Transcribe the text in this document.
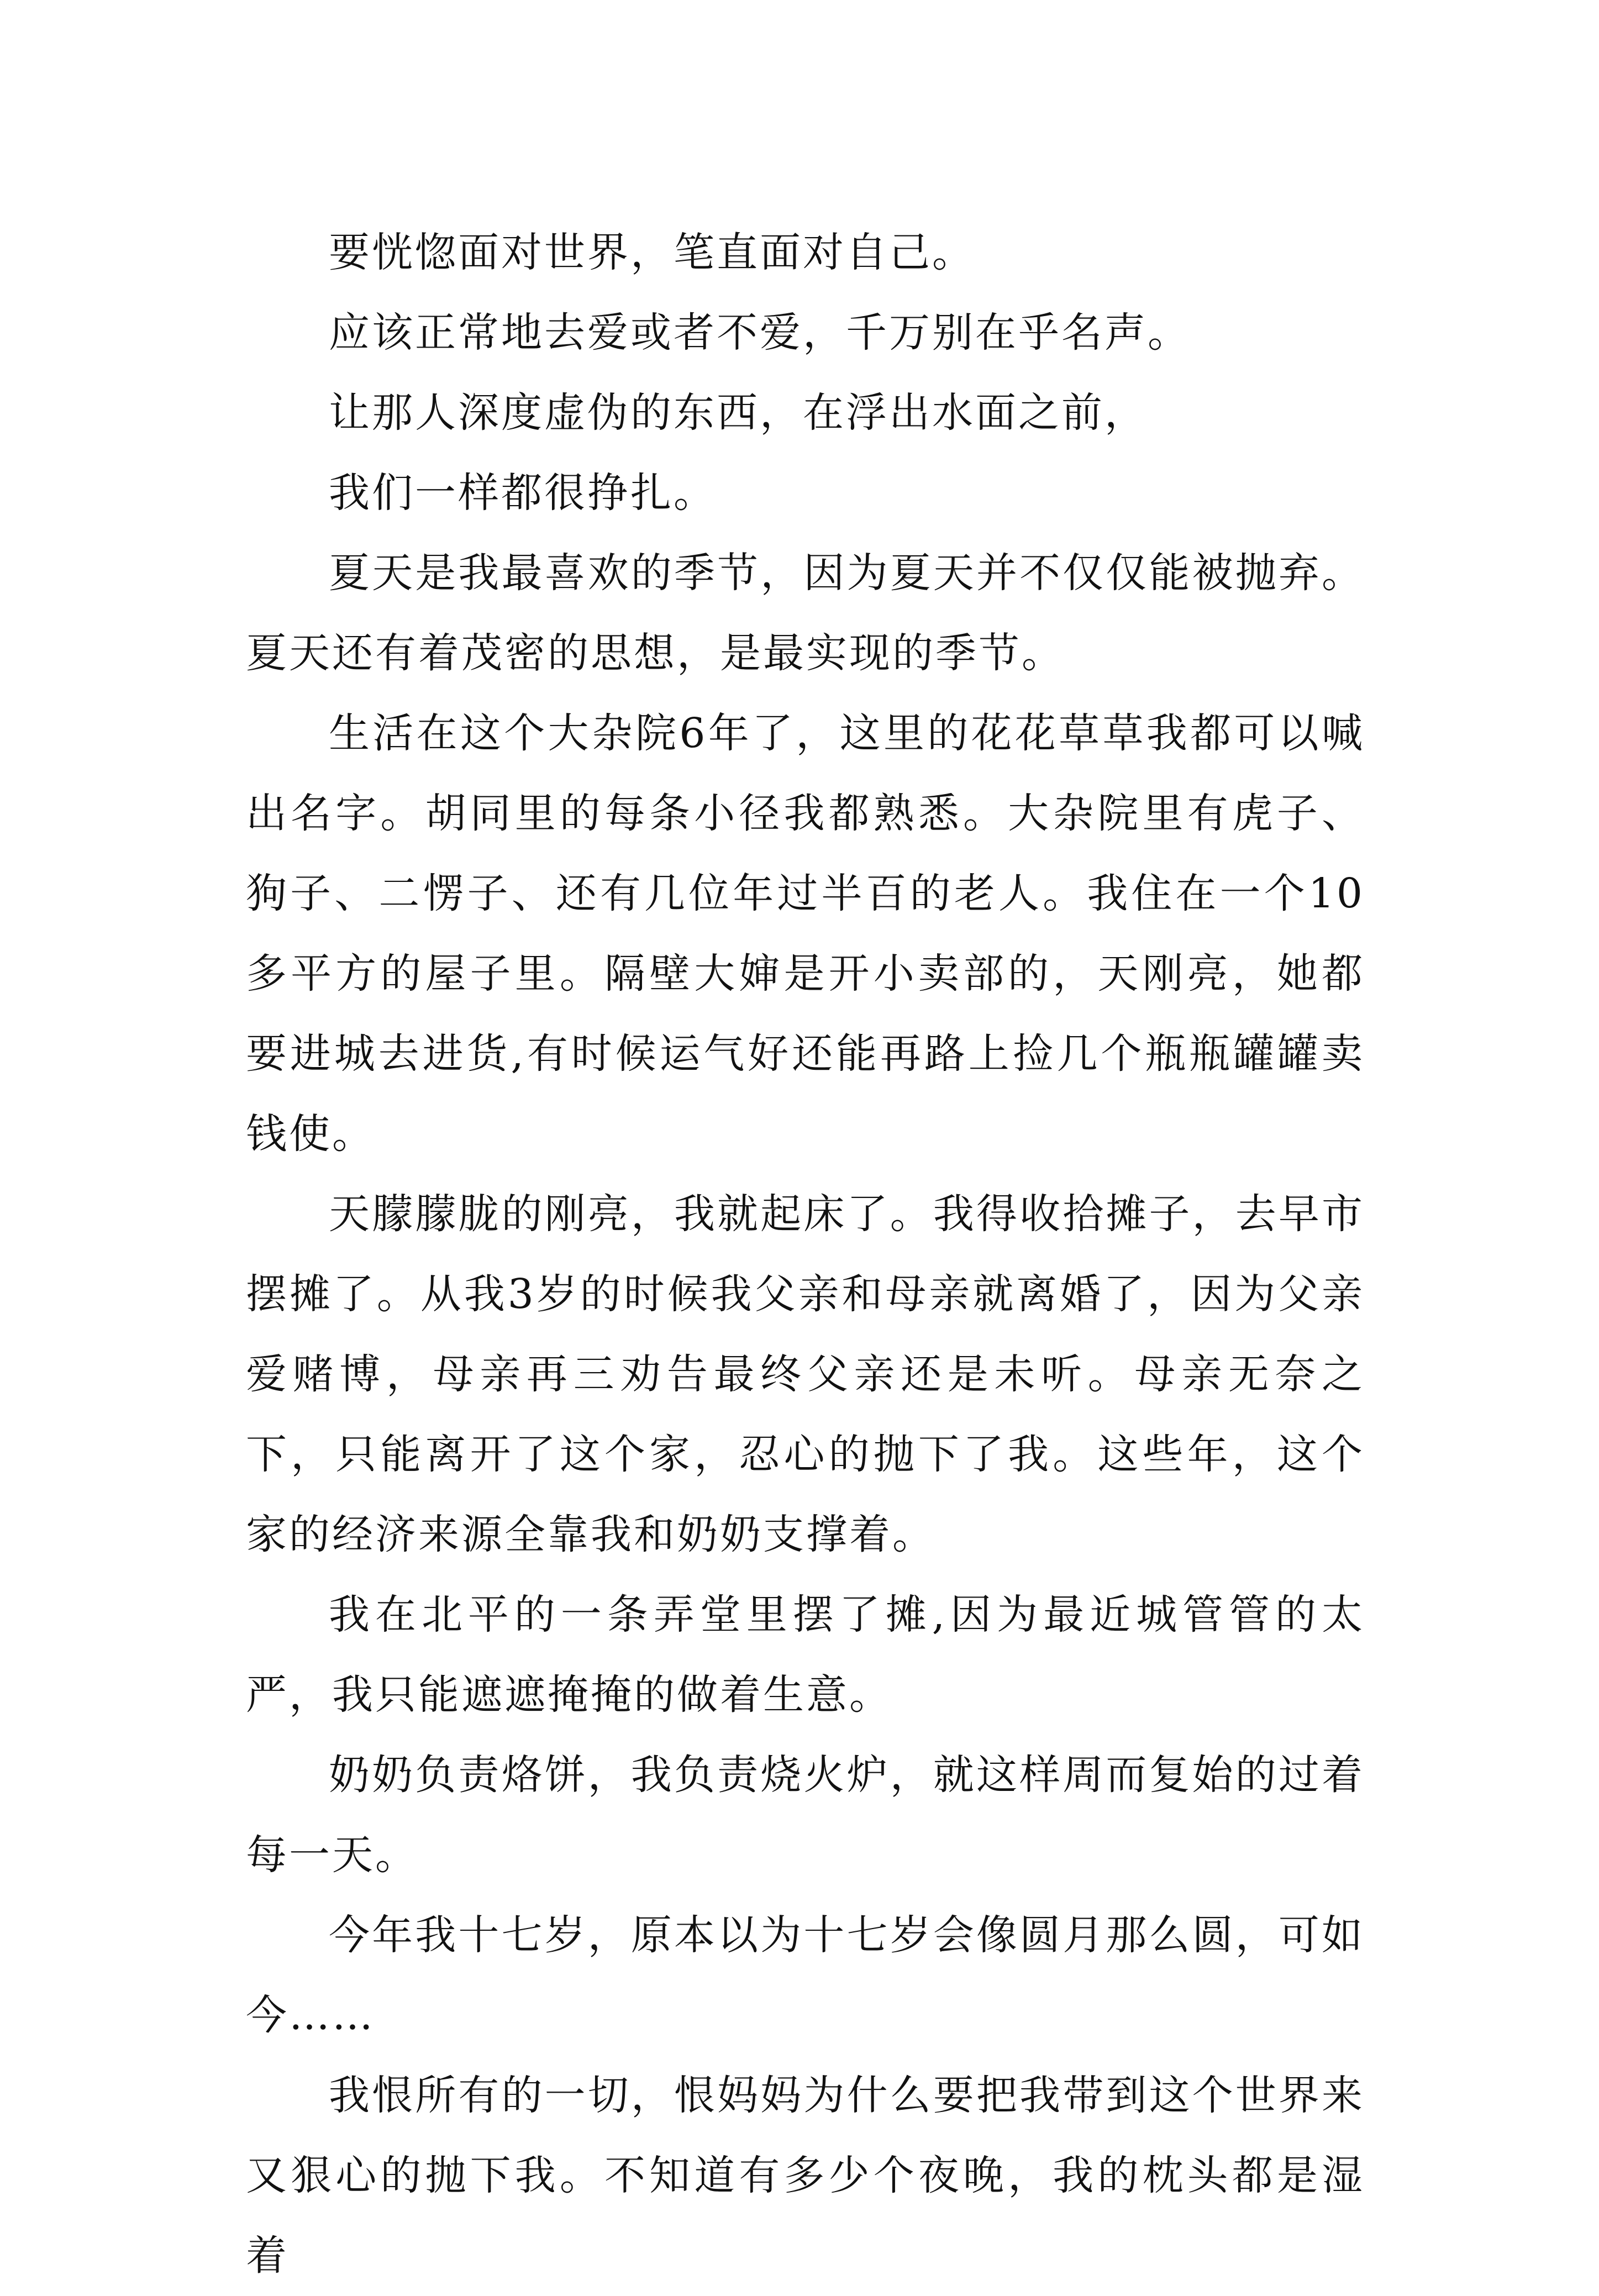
要恍惚面对世界，笔直面对自己。

应该正常地去爱或者不爱，千万别在乎名声。

让那人深度虚伪的东西，在浮出水面之前，

我们一样都很挣扎。

夏天是我最喜欢的季节，因为夏天并不仅仅能被抛弃。夏天还有着茂密的思想，是最实现的季节。

生活在这个大杂院6年了，这里的花花草草我都可以喊出名字。胡同里的每条小径我都熟悉。大杂院里有虎子、狗子、二愣子、还有几位年过半百的老人。我住在一个10多平方的屋子里。隔壁大婶是开小卖部的，天刚亮，她都要进城去进货,有时候运气好还能再路上捡几个瓶瓶罐罐卖钱使。

天朦朦胧的刚亮，我就起床了。我得收拾摊子，去早市摆摊了。从我3岁的时候我父亲和母亲就离婚了，因为父亲爱赌博，母亲再三劝告最终父亲还是未听。母亲无奈之下，只能离开了这个家，忍心的抛下了我。这些年，这个家的经济来源全靠我和奶奶支撑着。

我在北平的一条弄堂里摆了摊,因为最近城管管的太严，我只能遮遮掩掩的做着生意。

奶奶负责烙饼，我负责烧火炉，就这样周而复始的过着每一天。

今年我十七岁，原本以为十七岁会像圆月那么圆，可如今……

我恨所有的一切，恨妈妈为什么要把我带到这个世界来又狠心的抛下我。不知道有多少个夜晚，我的枕头都是湿着
